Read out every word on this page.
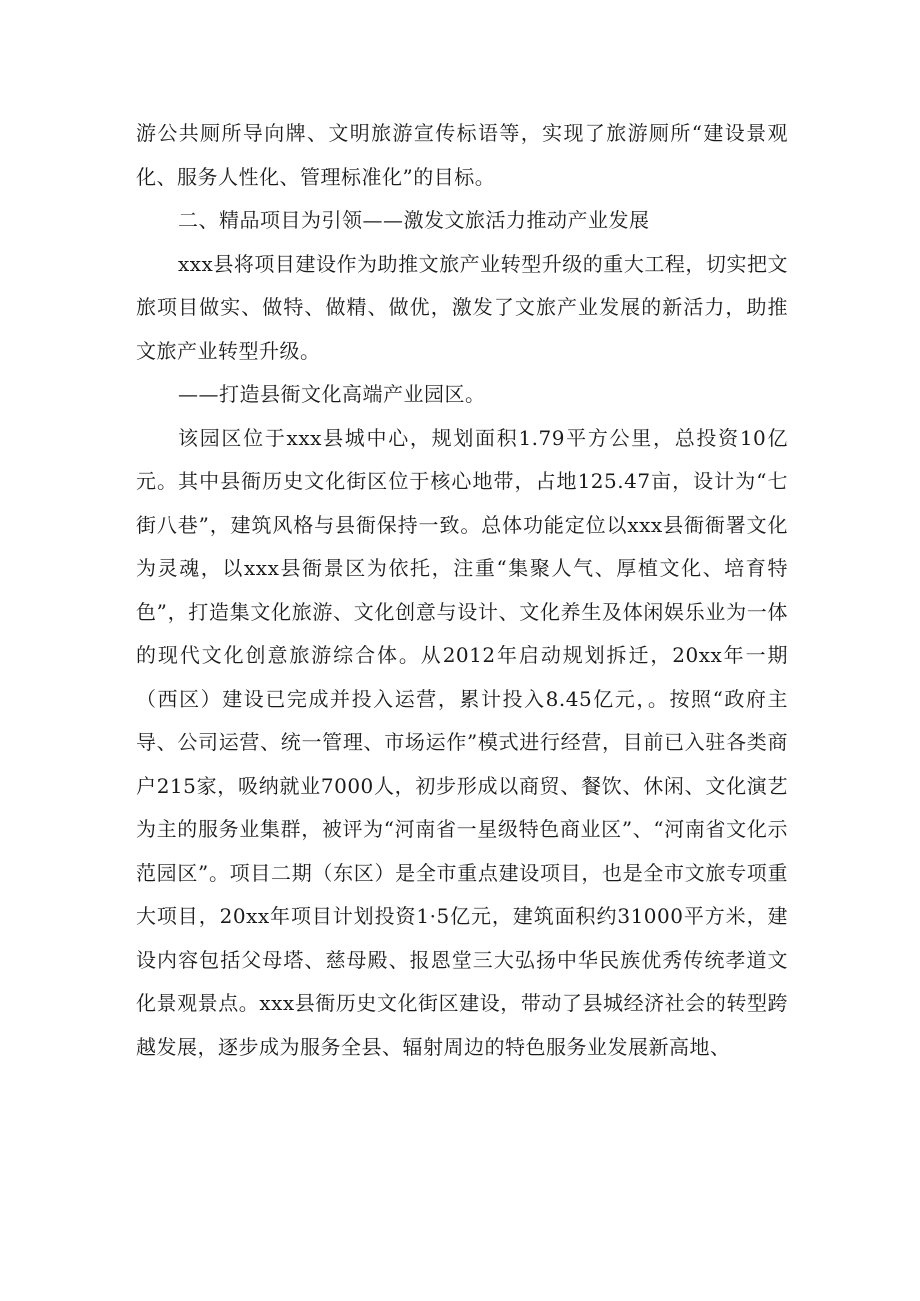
游公共厕所导向牌、文明旅游宣传标语等，实现了旅游厕所“建设景观化、服务人性化、管理标准化”的目标。

二、精品项目为引领——激发文旅活力推动产业发展

xxx县将项目建设作为助推文旅产业转型升级的重大工程，切实把文旅项目做实、做特、做精、做优，激发了文旅产业发展的新活力，助推文旅产业转型升级。

——打造县衙文化高端产业园区。

该园区位于xxx县城中心，规划面积1.79平方公里，总投资10亿元。其中县衙历史文化街区位于核心地带，占地125.47亩，设计为“七街八巷”，建筑风格与县衙保持一致。总体功能定位以xxx县衙衙署文化为灵魂，以xxx县衙景区为依托，注重“集聚人气、厚植文化、培育特色”，打造集文化旅游、文化创意与设计、文化养生及体闲娱乐业为一体的现代文化创意旅游综合体。从2012年启动规划拆迁，20xx年一期（西区）建设已完成并投入运营，累计投入8.45亿元，。按照“政府主导、公司运营、统一管理、市场运作”模式进行经营，目前已入驻各类商户215家，吸纳就业7000人，初步形成以商贸、餐饮、休闲、文化演艺为主的服务业集群，被评为“河南省一星级特色商业区”、“河南省文化示范园区”。项目二期（东区）是全市重点建设项目，也是全市文旅专项重大项目，20xx年项目计划投资1·5亿元，建筑面积约31000平方米，建设内容包括父母塔、慈母殿、报恩堂三大弘扬中华民族优秀传统孝道文化景观景点。xxx县衙历史文化街区建设，带动了县城经济社会的转型跨越发展，逐步成为服务全县、辐射周边的特色服务业发展新高地、
